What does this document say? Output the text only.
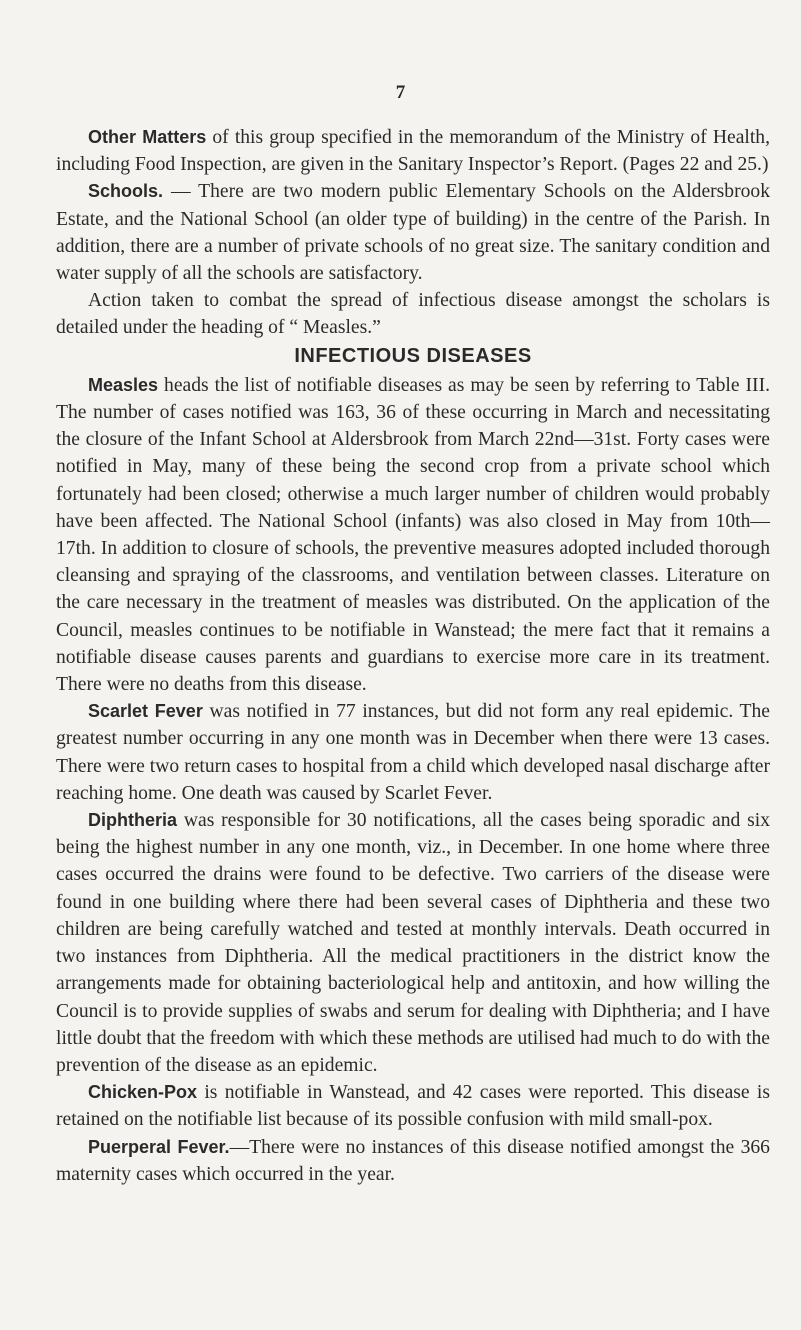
7

Other Matters of this group specified in the memorandum of the Ministry of Health, including Food Inspection, are given in the Sanitary Inspector’s Report. (Pages 22 and 25.)

Schools. — There are two modern public Elementary Schools on the Aldersbrook Estate, and the National School (an older type of building) in the centre of the Parish. In addition, there are a number of private schools of no great size. The sanitary condition and water supply of all the schools are satisfactory.

Action taken to combat the spread of infectious disease amongst the scholars is detailed under the heading of “ Measles.”

INFECTIOUS DISEASES

Measles heads the list of notifiable diseases as may be seen by referring to Table III. The number of cases notified was 163, 36 of these occurring in March and necessitating the closure of the Infant School at Aldersbrook from March 22nd—31st. Forty cases were notified in May, many of these being the second crop from a private school which fortunately had been closed; otherwise a much larger number of children would probably have been affected. The National School (infants) was also closed in May from 10th—17th. In addition to closure of schools, the preventive measures adopted included thorough cleansing and spraying of the classrooms, and ventilation between classes. Literature on the care necessary in the treatment of measles was distributed. On the application of the Council, measles continues to be notifiable in Wanstead; the mere fact that it remains a notifiable disease causes parents and guardians to exercise more care in its treatment. There were no deaths from this disease.

Scarlet Fever was notified in 77 instances, but did not form any real epidemic. The greatest number occurring in any one month was in December when there were 13 cases. There were two return cases to hospital from a child which developed nasal discharge after reaching home. One death was caused by Scarlet Fever.

Diphtheria was responsible for 30 notifications, all the cases being sporadic and six being the highest number in any one month, viz., in December. In one home where three cases occurred the drains were found to be defective. Two carriers of the disease were found in one building where there had been several cases of Diphtheria and these two children are being carefully watched and tested at monthly intervals. Death occurred in two instances from Diphtheria. All the medical practitioners in the district know the arrangements made for obtaining bacteriological help and antitoxin, and how willing the Council is to provide supplies of swabs and serum for dealing with Diphtheria; and I have little doubt that the freedom with which these methods are utilised had much to do with the prevention of the disease as an epidemic.

Chicken-Pox is notifiable in Wanstead, and 42 cases were reported. This disease is retained on the notifiable list because of its possible confusion with mild small-pox.

Puerperal Fever.—There were no instances of this disease notified amongst the 366 maternity cases which occurred in the year.
